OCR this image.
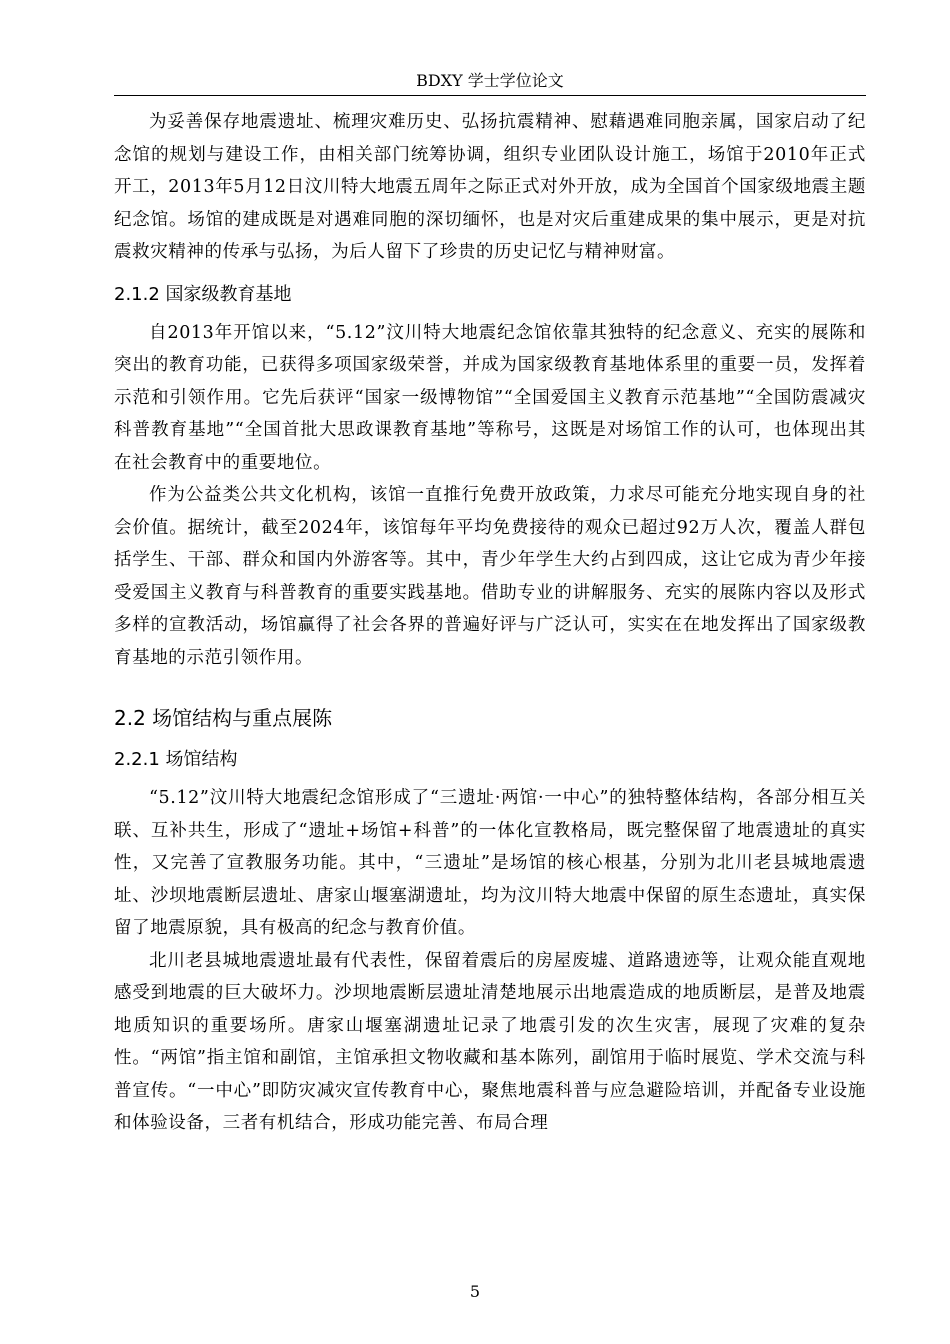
BDXY 学士学位论文

为妥善保存地震遗址、梳理灾难历史、弘扬抗震精神、慰藉遇难同胞亲属，国家启动了纪念馆的规划与建设工作，由相关部门统筹协调，组织专业团队设计施工，场馆于2010年正式开工，2013年5月12日汶川特大地震五周年之际正式对外开放，成为全国首个国家级地震主题纪念馆。场馆的建成既是对遇难同胞的深切缅怀，也是对灾后重建成果的集中展示，更是对抗震救灾精神的传承与弘扬，为后人留下了珍贵的历史记忆与精神财富。

2.1.2 国家级教育基地

自2013年开馆以来，“5.12”汶川特大地震纪念馆依靠其独特的纪念意义、充实的展陈和突出的教育功能，已获得多项国家级荣誉，并成为国家级教育基地体系里的重要一员，发挥着示范和引领作用。它先后获评“国家一级博物馆”“全国爱国主义教育示范基地”“全国防震减灾科普教育基地”“全国首批大思政课教育基地”等称号，这既是对场馆工作的认可，也体现出其在社会教育中的重要地位。

作为公益类公共文化机构，该馆一直推行免费开放政策，力求尽可能充分地实现自身的社会价值。据统计，截至2024年，该馆每年平均免费接待的观众已超过92万人次，覆盖人群包括学生、干部、群众和国内外游客等。其中，青少年学生大约占到四成，这让它成为青少年接受爱国主义教育与科普教育的重要实践基地。借助专业的讲解服务、充实的展陈内容以及形式多样的宣教活动，场馆赢得了社会各界的普遍好评与广泛认可，实实在在地发挥出了国家级教育基地的示范引领作用。

2.2 场馆结构与重点展陈
2.2.1 场馆结构

“5.12”汶川特大地震纪念馆形成了“三遗址·两馆·一中心”的独特整体结构，各部分相互关联、互补共生，形成了“遗址+场馆+科普”的一体化宣教格局，既完整保留了地震遗址的真实性，又完善了宣教服务功能。其中，“三遗址”是场馆的核心根基，分别为北川老县城地震遗址、沙坝地震断层遗址、唐家山堰塞湖遗址，均为汶川特大地震中保留的原生态遗址，真实保留了地震原貌，具有极高的纪念与教育价值。

北川老县城地震遗址最有代表性，保留着震后的房屋废墟、道路遗迹等，让观众能直观地感受到地震的巨大破坏力。沙坝地震断层遗址清楚地展示出地震造成的地质断层，是普及地震地质知识的重要场所。唐家山堰塞湖遗址记录了地震引发的次生灾害，展现了灾难的复杂性。“两馆”指主馆和副馆，主馆承担文物收藏和基本陈列，副馆用于临时展览、学术交流与科普宣传。“一中心”即防灾减灾宣传教育中心，聚焦地震科普与应急避险培训，并配备专业设施和体验设备，三者有机结合，形成功能完善、布局合理

5
